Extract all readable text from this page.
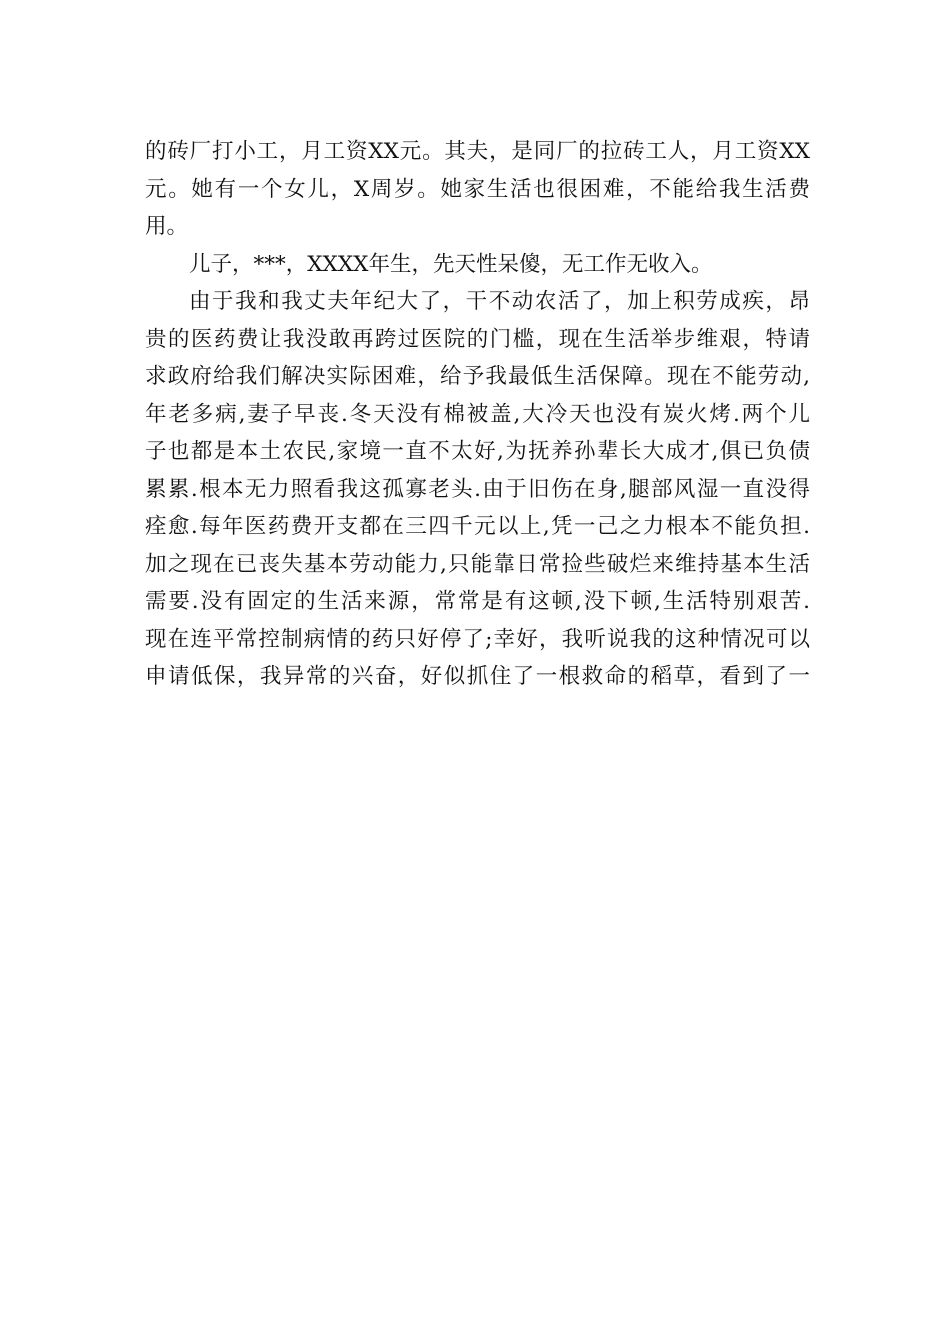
的砖厂打小工，月工资XX元。其夫，是同厂的拉砖工人，月工资XX
元。她有一个女儿，X周岁。她家生活也很困难，不能给我生活费
用。
儿子，***，XXXX年生，先天性呆傻，无工作无收入。
由于我和我丈夫年纪大了，干不动农活了，加上积劳成疾，昂
贵的医药费让我没敢再跨过医院的门槛，现在生活举步维艰，特请
求政府给我们解决实际困难，给予我最低生活保障。现在不能劳动,
年老多病,妻子早丧.冬天没有棉被盖,大冷天也没有炭火烤.两个儿
子也都是本土农民,家境一直不太好,为抚养孙辈长大成才,俱已负债
累累.根本无力照看我这孤寡老头.由于旧伤在身,腿部风湿一直没得
痊愈.每年医药费开支都在三四千元以上,凭一己之力根本不能负担.
加之现在已丧失基本劳动能力,只能靠日常捡些破烂来维持基本生活
需要.没有固定的生活来源，常常是有这顿,没下顿,生活特别艰苦.
现在连平常控制病情的药只好停了;幸好，我听说我的这种情况可以
申请低保，我异常的兴奋，好似抓住了一根救命的稻草，看到了一
